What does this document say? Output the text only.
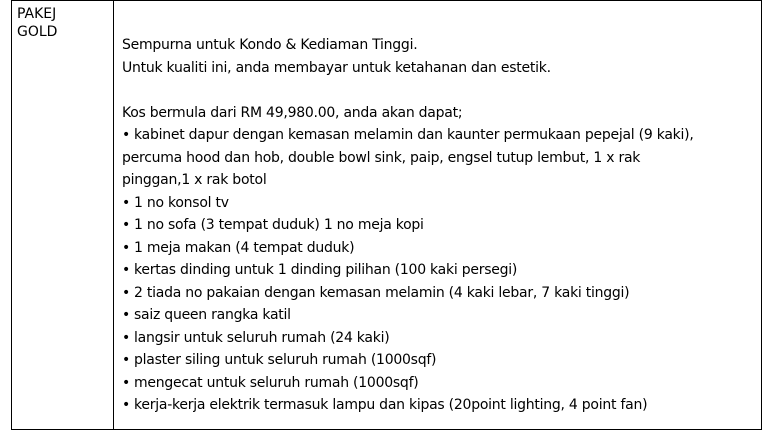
PAKEJ
GOLD
Sempurna untuk Kondo & Kediaman Tinggi.
Untuk kualiti ini, anda membayar untuk ketahanan dan estetik.
Kos bermula dari RM 49,980.00, anda akan dapat;
• kabinet dapur dengan kemasan melamin dan kaunter permukaan pepejal (9 kaki),
percuma hood dan hob, double bowl sink, paip, engsel tutup lembut, 1 x rak
pinggan,1 x rak botol
• 1 no konsol tv
• 1 no sofa (3 tempat duduk) 1 no meja kopi
• 1 meja makan (4 tempat duduk)
• kertas dinding untuk 1 dinding pilihan (100 kaki persegi)
• 2 tiada no pakaian dengan kemasan melamin (4 kaki lebar, 7 kaki tinggi)
• saiz queen rangka katil
• langsir untuk seluruh rumah (24 kaki)
• plaster siling untuk seluruh rumah (1000sqf)
• mengecat untuk seluruh rumah (1000sqf)
• kerja-kerja elektrik termasuk lampu dan kipas (20point lighting, 4 point fan)
